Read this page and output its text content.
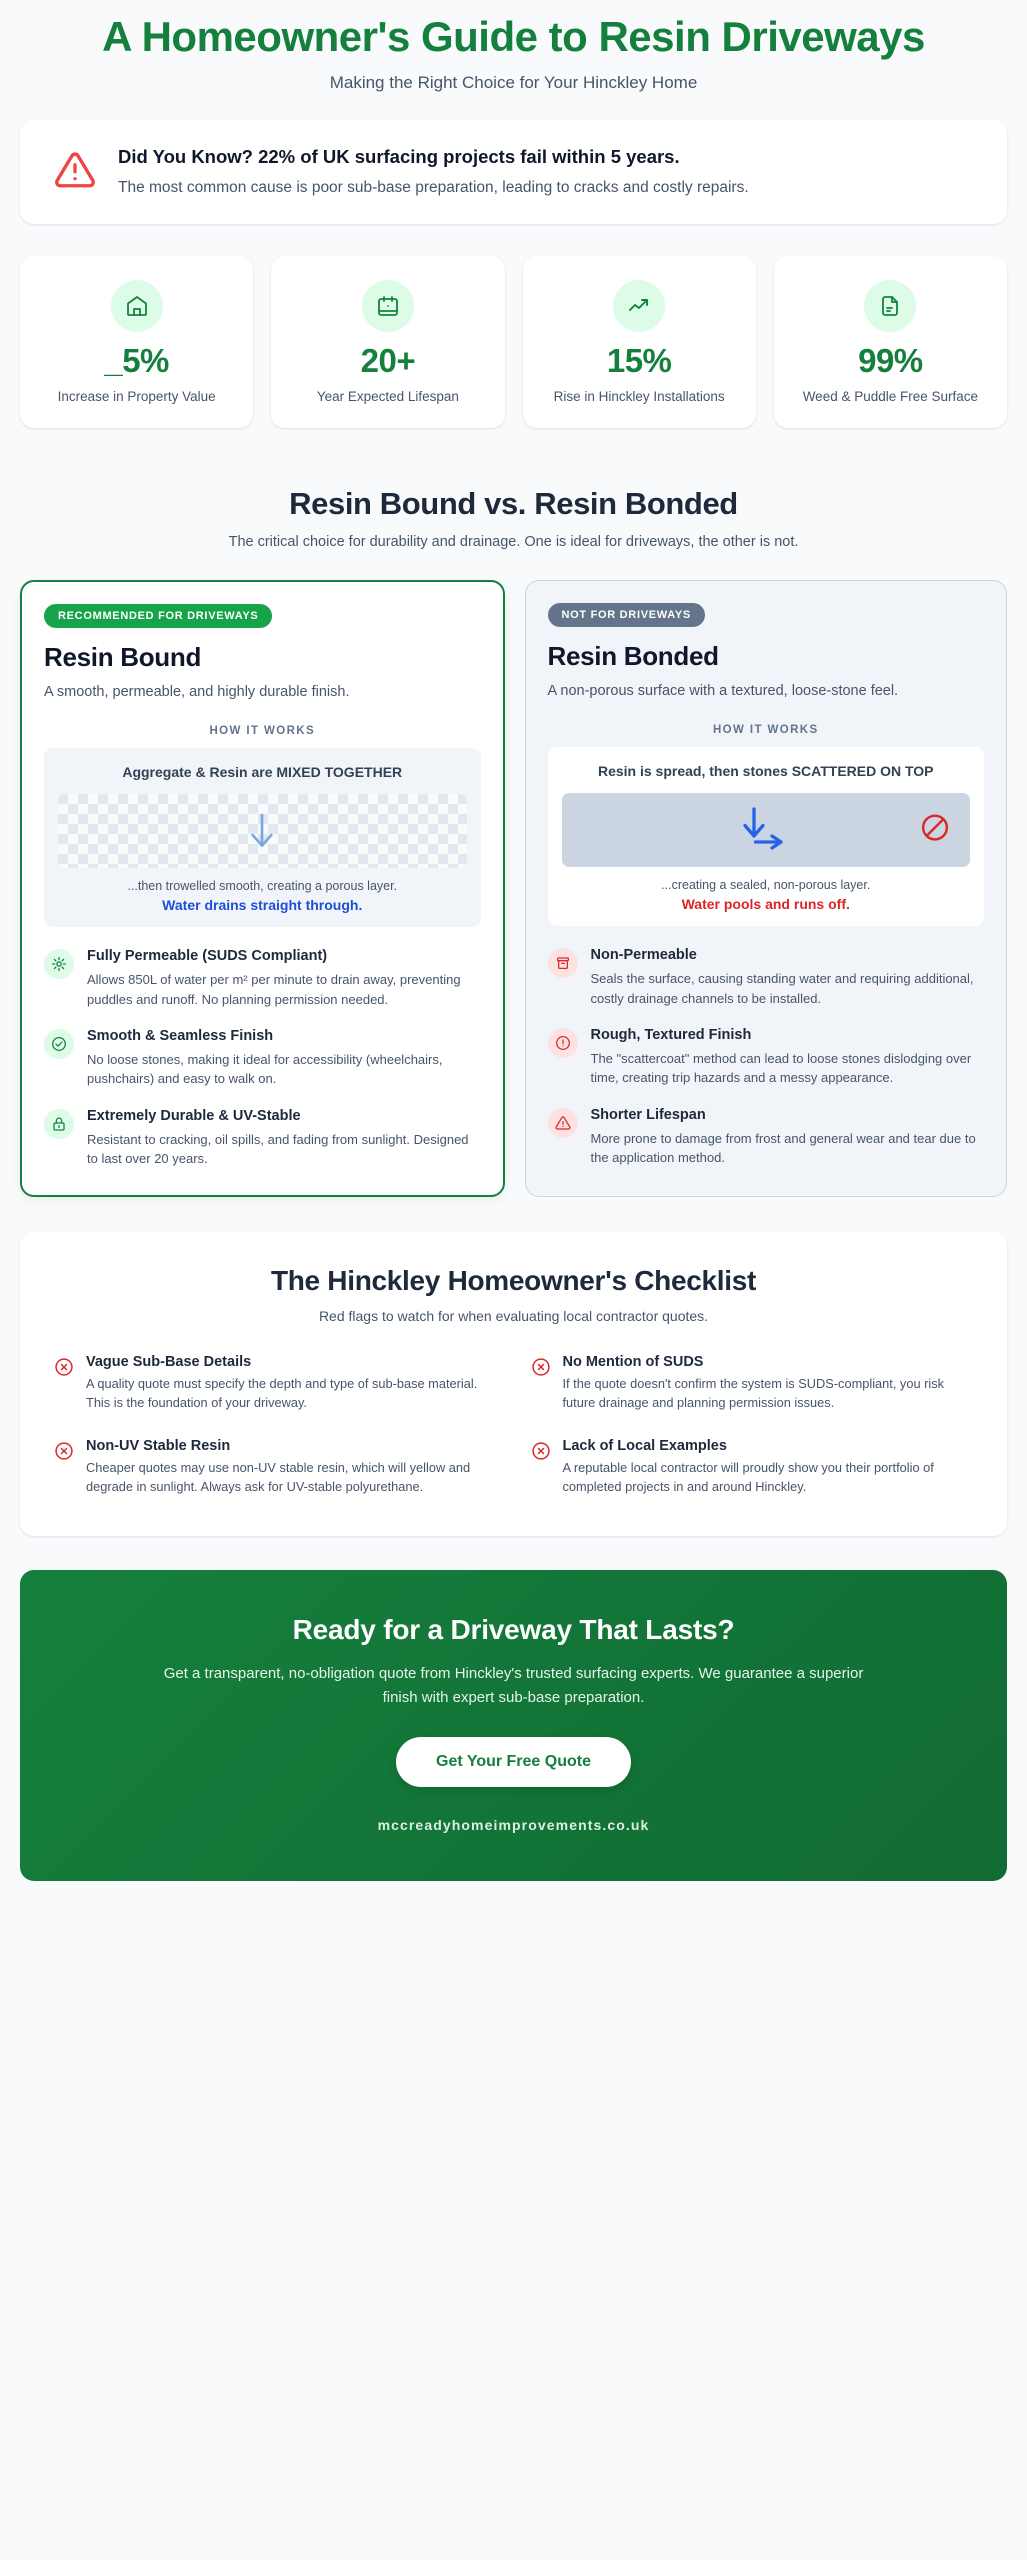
A Homeowner's Guide to Resin Driveways
Making the Right Choice for Your Hinckley Home
Did You Know? 22% of UK surfacing projects fail within 5 years.
The most common cause is poor sub-base preparation, leading to cracks and costly repairs.
_5%
Increase in Property Value
20+
Year Expected Lifespan
15%
Rise in Hinckley Installations
99%
Weed & Puddle Free Surface
Resin Bound vs. Resin Bonded
The critical choice for durability and drainage. One is ideal for driveways, the other is not.
RECOMMENDED FOR DRIVEWAYS
Resin Bound
A smooth, permeable, and highly durable finish.
HOW IT WORKS
Aggregate & Resin are MIXED TOGETHER
...then trowelled smooth, creating a porous layer.
Water drains straight through.
Fully Permeable (SUDS Compliant)
Allows 850L of water per m² per minute to drain away, preventing puddles and runoff. No planning permission needed.
Smooth & Seamless Finish
No loose stones, making it ideal for accessibility (wheelchairs, pushchairs) and easy to walk on.
Extremely Durable & UV-Stable
Resistant to cracking, oil spills, and fading from sunlight. Designed to last over 20 years.
NOT FOR DRIVEWAYS
Resin Bonded
A non-porous surface with a textured, loose-stone feel.
HOW IT WORKS
Resin is spread, then stones SCATTERED ON TOP
...creating a sealed, non-porous layer.
Water pools and runs off.
Non-Permeable
Seals the surface, causing standing water and requiring additional, costly drainage channels to be installed.
Rough, Textured Finish
The "scattercoat" method can lead to loose stones dislodging over time, creating trip hazards and a messy appearance.
Shorter Lifespan
More prone to damage from frost and general wear and tear due to the application method.
The Hinckley Homeowner's Checklist
Red flags to watch for when evaluating local contractor quotes.
Vague Sub-Base Details
A quality quote must specify the depth and type of sub-base material. This is the foundation of your driveway.
No Mention of SUDS
If the quote doesn't confirm the system is SUDS-compliant, you risk future drainage and planning permission issues.
Non-UV Stable Resin
Cheaper quotes may use non-UV stable resin, which will yellow and degrade in sunlight. Always ask for UV-stable polyurethane.
Lack of Local Examples
A reputable local contractor will proudly show you their portfolio of completed projects in and around Hinckley.
Ready for a Driveway That Lasts?

Get a transparent, no-obligation quote from Hinckley's trusted surfacing experts. We guarantee a superior finish with expert sub-base preparation.

Get Your Free Quote
mccreadyhomeimprovements.co.uk
